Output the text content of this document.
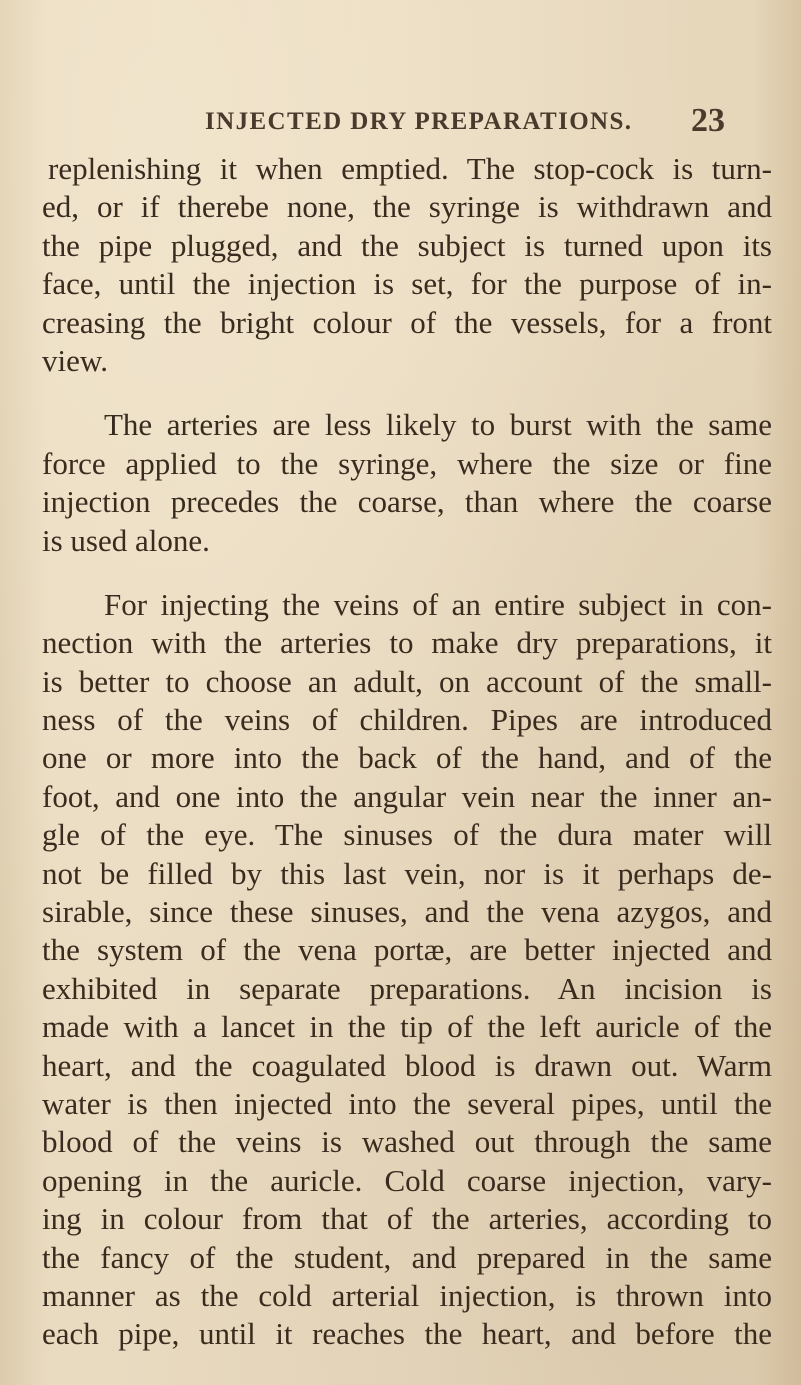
INJECTED DRY PREPARATIONS. 23
replenishing it when emptied. The stop-cock is turn-
ed, or if therebe none, the syringe is withdrawn and
the pipe plugged, and the subject is turned upon its
face, until the injection is set, for the purpose of in-
creasing the bright colour of the vessels, for a front
view.
The arteries are less likely to burst with the same
force applied to the syringe, where the size or fine
injection precedes the coarse, than where the coarse
is used alone.
For injecting the veins of an entire subject in con-
nection with the arteries to make dry preparations, it
is better to choose an adult, on account of the small-
ness of the veins of children. Pipes are introduced
one or more into the back of the hand, and of the
foot, and one into the angular vein near the inner an-
gle of the eye. The sinuses of the dura mater will
not be filled by this last vein, nor is it perhaps de-
sirable, since these sinuses, and the vena azygos, and
the system of the vena portæ, are better injected and
exhibited in separate preparations. An incision is
made with a lancet in the tip of the left auricle of the
heart, and the coagulated blood is drawn out. Warm
water is then injected into the several pipes, until the
blood of the veins is washed out through the same
opening in the auricle. Cold coarse injection, vary-
ing in colour from that of the arteries, according to
the fancy of the student, and prepared in the same
manner as the cold arterial injection, is thrown into
each pipe, until it reaches the heart, and before the
